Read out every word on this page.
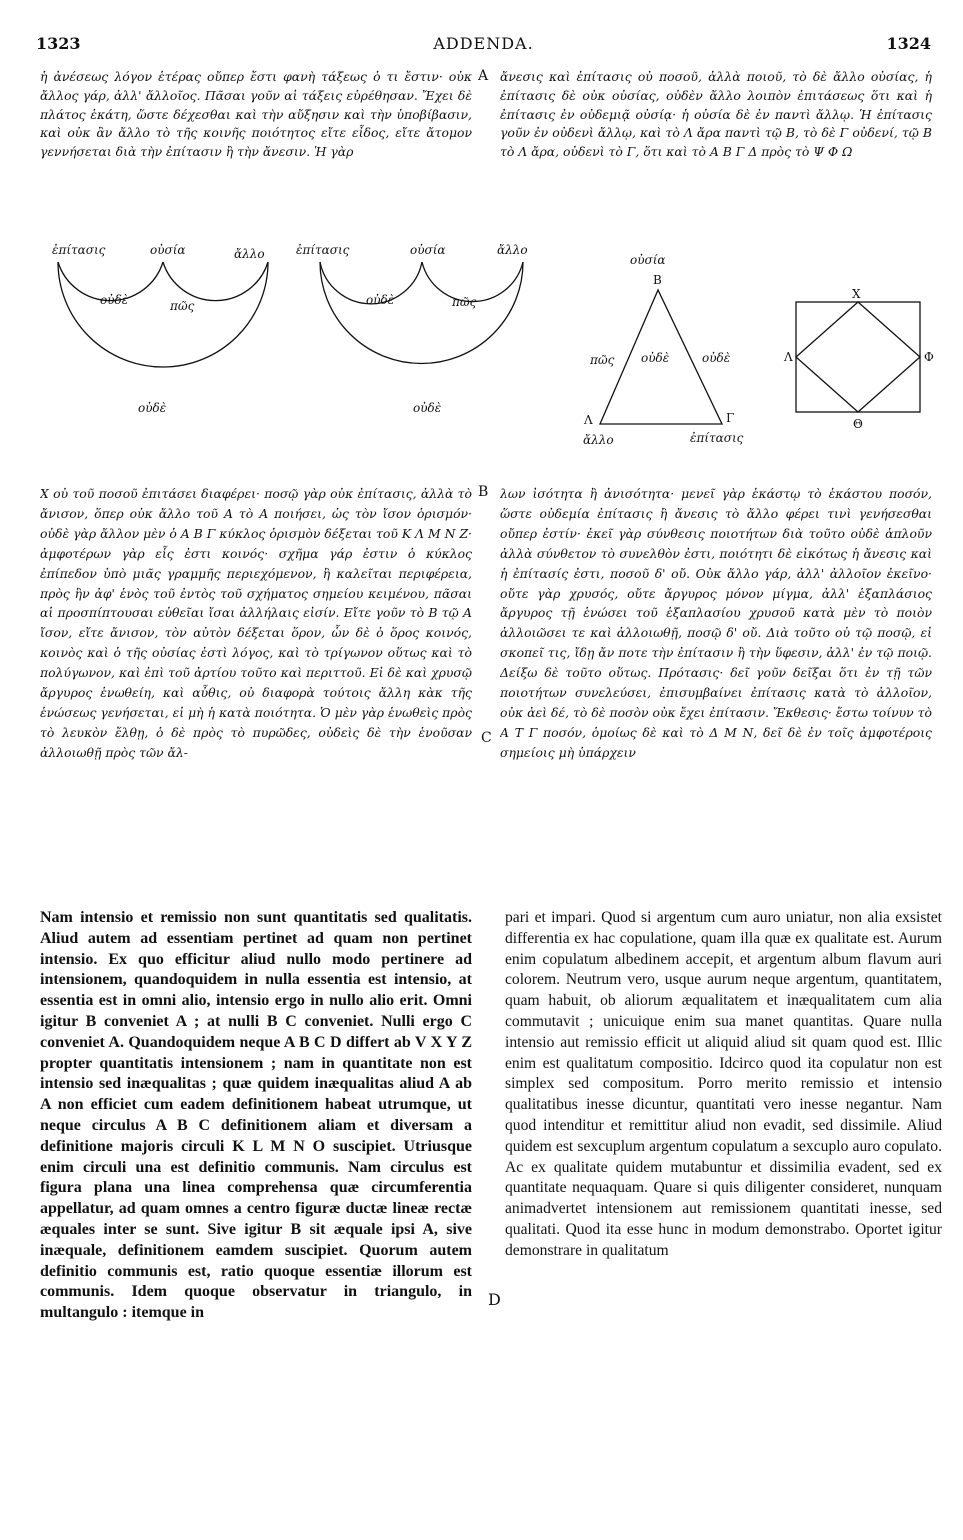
1323	ADDENDA.	1324
ἡ ἀνέσεως λόγον ἑτέρας οὔπερ ἔστι φανὴ τάξεως ὁ τι ἔστιν· οὐκ ἄλλος γάρ, ἀλλ' ἄλλοῖος. Πᾶσαι γοῦν αἱ τάξεις εὑρέθησαν. Ἔχει δὲ πλάτος ἑκάτη, ὥστε δέχεσθαι καὶ τὴν αὔξησιν καὶ τὴν ὑποβίβασιν, καὶ οὐκ ἂν ἄλλο τὸ τῆς κοινῆς ποιότητος εἴτε εἶδος, εἴτε ἄτομον γεννήσεται διὰ τὴν ἐπίτασιν ἢ τὴν ἄνεσιν. Ἡ γὰρ
A ἄνεσις καὶ ἐπίτασις οὐ ποσοῦ, ἀλλὰ ποιοῦ, τὸ δὲ ἄλλο οὐσίας, ἡ ἐπίτασις δὲ οὐκ οὐσίας, οὐδὲν ἄλλο λοιπὸν ἐπιτάσεως ὅτι καὶ ἡ ἐπίτασις ἐν οὐδεμιᾷ οὐσίᾳ· ἡ οὐσία δὲ ἐν παντὶ ἄλλῳ. Ἡ ἐπίτασις γοῦν ἐν οὐδενὶ ἄλλῳ, καὶ τὸ Λ ἄρα παντὶ τῷ Β, τὸ δὲ Γ οὐδενί, τῷ Β τὸ Λ ἄρα, οὐδενὶ τὸ Γ, ὅτι καὶ τὸ Α Β Γ Δ πρὸς τὸ Ψ Φ Ω
ἐπίτασις	οὐσία	ἄλλο
οὐδὲ	πῶς
οὐδὲ
ἐπίτασις	οὐσία	ἄλλο
οὐδὲ	πῶς
οὐδὲ
οὐσία
Β
πῶς οὐδὲ	οὐδὲ
Λ	Γ
ἄλλο	ἐπίτασις
Χ
Λ	Φ
Θ
Χ οὐ τοῦ ποσοῦ ἐπιτάσει διαφέρει· ποσῷ γὰρ οὐκ ἐπίτασις, ἀλλὰ τὸ ἄνισον, ὅπερ οὐκ ἄλλο τοῦ Α τὸ Α ποιήσει, ὡς τὸν ἴσον ὁρισμόν· οὐδὲ γὰρ ἄλλον μὲν ὁ Α Β Γ κύκλος ὁρισμὸν δέξεται τοῦ Κ Λ Μ Ν Ζ· ἀμφοτέρων γὰρ εἷς ἐστι κοινός· σχῆμα γάρ ἐστιν ὁ κύκλος ἐπίπεδον ὑπὸ μιᾶς γραμμῆς περιεχόμενον, ἣ καλεῖται περιφέρεια, πρὸς ἣν ἀφ' ἑνὸς τοῦ ἐντὸς τοῦ σχήματος σημείου κειμένου, πᾶσαι αἱ προσπίπτουσαι εὐθεῖαι ἴσαι ἀλλήλαις εἰσίν. Εἴτε γοῦν τὸ Β τῷ Α ἴσον, εἴτε ἄνισον, τὸν αὐτὸν δέξεται ὅρον, ὧν δὲ ὁ ὅρος κοινός, κοινὸς καὶ ὁ τῆς οὐσίας ἐστὶ λόγος, καὶ τὸ τρίγωνον οὕτως καὶ τὸ πολύγωνον, καὶ ἐπὶ τοῦ ἀρτίου τοῦτο καὶ περιττοῦ. Εἰ δὲ καὶ χρυσῷ ἄργυρος ἑνωθείη, καὶ αὖθις, οὐ διαφορὰ τούτοις ἄλλη κὰκ τῆς ἑνώσεως γενήσεται, εἰ μὴ ἡ κατὰ ποιότητα. Ὁ μὲν γὰρ ἑνωθεὶς πρὸς τὸ λευκὸν ἔλθῃ, ὁ δὲ πρὸς τὸ πυρῶδες, οὐδεὶς δὲ τὴν ἑνοῦσαν ἀλλοιωθῇ πρὸς τῶν ἄλ-
B
C
λων ἰσότητα ἢ ἀνισότητα· μενεῖ γὰρ ἑκάστῳ τὸ ἑκάστου ποσόν, ὥστε οὐδεμία ἐπίτασις ἢ ἄνεσις τὸ ἄλλο φέρει τινὶ γενήσεσθαι οὔπερ ἐστίν· ἐκεῖ γὰρ σύνθεσις ποιοτήτων διὰ τοῦτο οὐδὲ ἁπλοῦν ἀλλὰ σύνθετον τὸ συνελθὸν ἐστι, ποιότητι δὲ εἰκότως ἡ ἄνεσις καὶ ἡ ἐπίτασίς ἐστι, ποσοῦ δ' οὔ. Οὐκ ἄλλο γάρ, ἀλλ' ἀλλοῖον ἐκεῖνο· οὔτε γὰρ χρυσός, οὔτε ἄργυρος μόνον μίγμα, ἀλλ' ἑξαπλάσιος ἄργυρος τῇ ἑνώσει τοῦ ἑξαπλασίου χρυσοῦ κατὰ μὲν τὸ ποιὸν ἀλλοιῶσει τε καὶ ἀλλοιωθῇ, ποσῷ δ' οὔ. Διὰ τοῦτο οὐ τῷ ποσῷ, εἰ σκοπεῖ τις, ἴδῃ ἄν ποτε τὴν ἐπίτασιν ἢ τὴν ὕφεσιν, ἀλλ' ἐν τῷ ποιῷ. Δείξω δὲ τοῦτο οὕτως. Πρότασις· δεῖ γοῦν δεῖξαι ὅτι ἐν τῇ τῶν ποιοτήτων συνελεύσει, ἐπισυμβαίνει ἐπίτασις κατὰ τὸ ἀλλοῖον, οὐκ ἀεὶ δέ, τὸ δὲ ποσὸν οὐκ ἔχει ἐπίτασιν. Ἔκθεσις· ἔστω τοίνυν τὸ Α Τ Γ ποσόν, ὁμοίως δὲ καὶ τὸ Δ Μ Ν, δεῖ δὲ ἐν τοῖς ἀμφοτέροις σημείοις μὴ ὑπάρχειν
Nam intensio et remissio non sunt quantitatis sed qualitatis. Aliud autem ad essentiam pertinet ad quam non pertinet intensio. Ex quo efficitur aliud nullo modo pertinere ad intensionem, quandoquidem in nulla essentia est intensio, at essentia est in omni alio, intensio ergo in nullo alio erit. Omni igitur B conveniet A ; at nulli B C conveniet. Nulli ergo C conveniet A. Quandoquidem neque A B C D differt ab V X Y Z propter quantitatis intensionem ; nam in quantitate non est intensio sed inæqualitas ; quæ quidem inæqualitas aliud A ab A non efficiet cum eadem definitionem habeat utrumque, ut neque circulus A B C definitionem aliam et diversam a definitione majoris circuli K L M N O suscipiet. Utriusque enim circuli una est definitio communis. Nam circulus est figura plana una linea comprehensa quæ circumferentia appellatur, ad quam omnes a centro figuræ ductæ lineæ rectæ æquales inter se sunt. Sive igitur B sit æquale ipsi A, sive inæquale, definitionem eamdem suscipiet. Quorum autem definitio communis est, ratio quoque essentiæ illorum est communis. Idem quoque observatur in triangulo, in multangulo : itemque in
D
pari et impari. Quod si argentum cum auro uniatur, non alia exsistet differentia ex hac copulatione, quam illa quæ ex qualitate est. Aurum enim copulatum albedinem accepit, et argentum album flavum auri colorem. Neutrum vero, usque aurum neque argentum, quantitatem, quam habuit, ob aliorum æqualitatem et inæqualitatem cum alia commutavit ; unicuique enim sua manet quantitas. Quare nulla intensio aut remissio efficit ut aliquid aliud sit quam quod est. Illic enim est qualitatum compositio. Idcirco quod ita copulatur non est simplex sed compositum. Porro merito remissio et intensio qualitatibus inesse dicuntur, quantitati vero inesse negantur. Nam quod intenditur et remittitur aliud non evadit, sed dissimile. Aliud quidem est sexcuplum argentum copulatum a sexcuplo auro copulato. Ac ex qualitate quidem mutabuntur et dissimilia evadent, sed ex quantitate nequaquam. Quare si quis diligenter consideret, nunquam animadvertet intensionem aut remissionem quantitati inesse, sed qualitati. Quod ita esse hunc in modum demonstrabo. Oportet igitur demonstrare in qualitatum
